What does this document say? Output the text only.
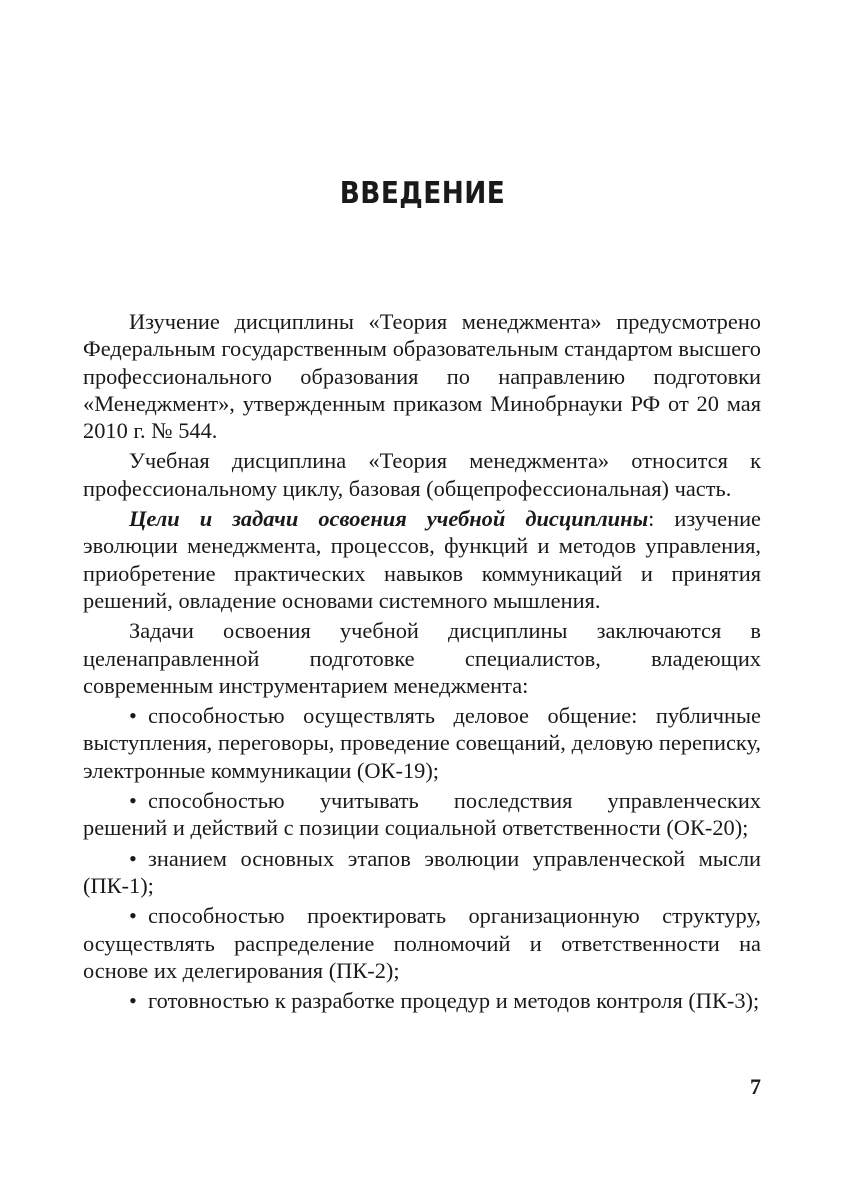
ВВЕДЕНИЕ

Изучение дисциплины «Теория менеджмента» предусмотрено Федеральным государственным образовательным стандартом высшего профессионального образования по направлению подготовки «Менеджмент», утвержденным приказом Минобрнауки РФ от 20 мая 2010 г. № 544.

Учебная дисциплина «Теория менеджмента» относится к профессиональному циклу, базовая (общепрофессиональная) часть.

Цели и задачи освоения учебной дисциплины: изучение эволюции менеджмента, процессов, функций и методов управления, приобретение практических навыков коммуникаций и принятия решений, овладение основами системного мышления.

Задачи освоения учебной дисциплины заключаются в целенаправленной подготовке специалистов, владеющих современным инструментарием менеджмента:

•  способностью осуществлять деловое общение: публичные выступления, переговоры, проведение совещаний, деловую переписку, электронные коммуникации (ОК-19);

•  способностью учитывать последствия управленческих решений и действий с позиции социальной ответственности (ОК-20);

•  знанием основных этапов эволюции управленческой мысли (ПК-1);

•  способностью проектировать организационную структуру, осуществлять распределение полномочий и ответственности на основе их делегирования (ПК-2);

•  готовностью к разработке процедур и методов контроля (ПК-3);

7
